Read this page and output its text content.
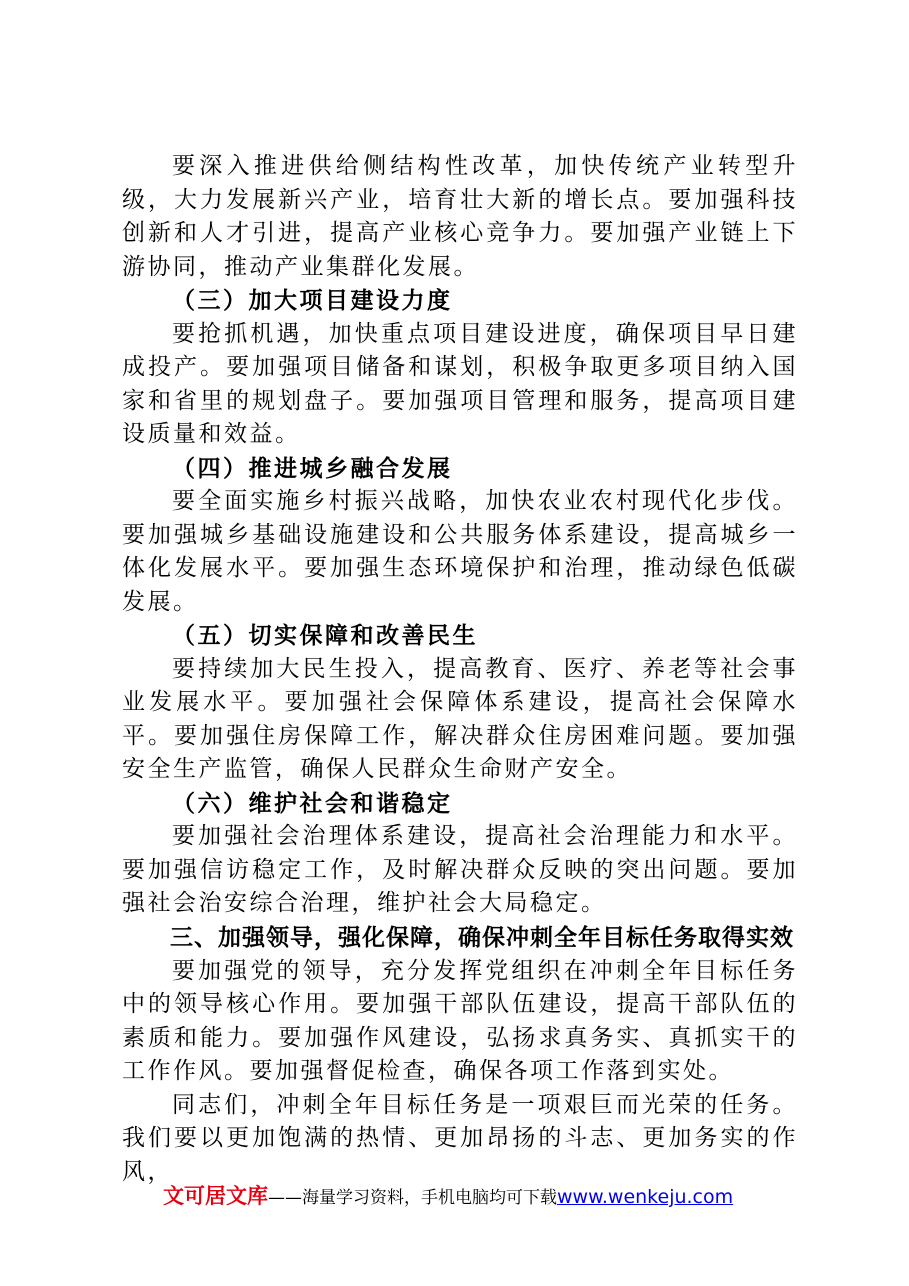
要深入推进供给侧结构性改革，加快传统产业转型升级，大力发展新兴产业，培育壮大新的增长点。要加强科技创新和人才引进，提高产业核心竞争力。要加强产业链上下游协同，推动产业集群化发展。

（三）加大项目建设力度

要抢抓机遇，加快重点项目建设进度，确保项目早日建成投产。要加强项目储备和谋划，积极争取更多项目纳入国家和省里的规划盘子。要加强项目管理和服务，提高项目建设质量和效益。

（四）推进城乡融合发展

要全面实施乡村振兴战略，加快农业农村现代化步伐。要加强城乡基础设施建设和公共服务体系建设，提高城乡一体化发展水平。要加强生态环境保护和治理，推动绿色低碳发展。

（五）切实保障和改善民生

要持续加大民生投入，提高教育、医疗、养老等社会事业发展水平。要加强社会保障体系建设，提高社会保障水平。要加强住房保障工作，解决群众住房困难问题。要加强安全生产监管，确保人民群众生命财产安全。

（六）维护社会和谐稳定

要加强社会治理体系建设，提高社会治理能力和水平。要加强信访稳定工作，及时解决群众反映的突出问题。要加强社会治安综合治理，维护社会大局稳定。

三、加强领导，强化保障，确保冲刺全年目标任务取得实效

要加强党的领导，充分发挥党组织在冲刺全年目标任务中的领导核心作用。要加强干部队伍建设，提高干部队伍的素质和能力。要加强作风建设，弘扬求真务实、真抓实干的工作作风。要加强督促检查，确保各项工作落到实处。

同志们，冲刺全年目标任务是一项艰巨而光荣的任务。我们要以更加饱满的热情、更加昂扬的斗志、更加务实的作风，

文可居文库——海量学习资料，手机电脑均可下载www.wenkeju.com
